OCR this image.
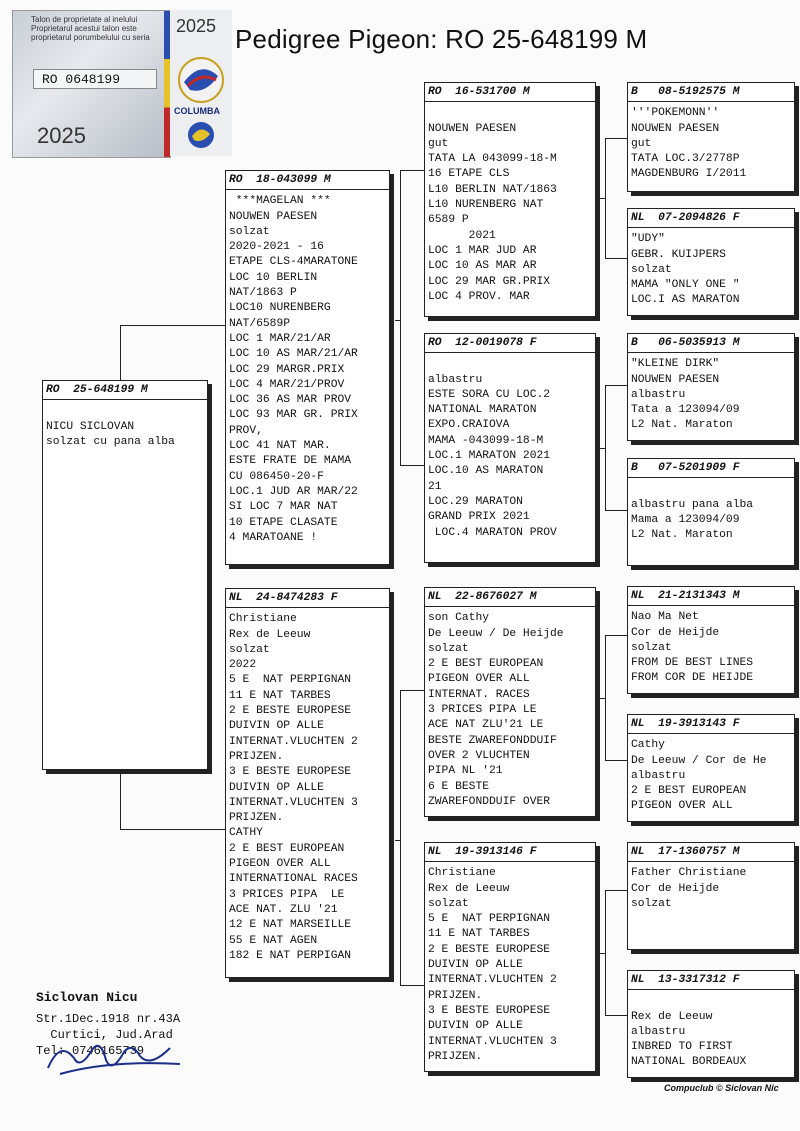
Talon de proprietate al inelului Proprietarul acestui talon este proprietarul porumbelului cu seria
RO 0648199
2025
2025
COLUMBA
Pedigree Pigeon: RO 25-648199 M
RO  25-648199 M

NICU SICLOVAN
solzat cu pana alba
RO  18-043099 M
***MAGELAN ***
NOUWEN PAESEN
solzat
2020-2021 - 16
ETAPE CLS-4MARATONE
LOC 10 BERLIN
NAT/1863 P
LOC10 NURENBERG
NAT/6589P
LOC 1 MAR/21/AR
LOC 10 AS MAR/21/AR
LOC 29 MARGR.PRIX
LOC 4 MAR/21/PROV
LOC 36 AS MAR PROV
LOC 93 MAR GR. PRIX
PROV,
LOC 41 NAT MAR.
ESTE FRATE DE MAMA
CU 086450-20-F
LOC.1 JUD AR MAR/22
SI LOC 7 MAR NAT
10 ETAPE CLASATE
4 MARATOANE !
NL  24-8474283 F
Christiane
Rex de Leeuw
solzat
2022
5 E  NAT PERPIGNAN
11 E NAT TARBES
2 E BESTE EUROPESE
DUIVIN OP ALLE
INTERNAT.VLUCHTEN 2
PRIJZEN.
3 E BESTE EUROPESE
DUIVIN OP ALLE
INTERNAT.VLUCHTEN 3
PRIJZEN.
CATHY
2 E BEST EUROPEAN
PIGEON OVER ALL
INTERNATIONAL RACES
3 PRICES PIPA  LE
ACE NAT. ZLU '21
12 E NAT MARSEILLE
55 E NAT AGEN
182 E NAT PERPIGAN
RO  16-531700 M

NOUWEN PAESEN
gut
TATA LA 043099-18-M
16 ETAPE CLS
L10 BERLIN NAT/1863
L10 NURENBERG NAT
6589 P
2021
LOC 1 MAR JUD AR
LOC 10 AS MAR AR
LOC 29 MAR GR.PRIX
LOC 4 PROV. MAR
RO  12-0019078 F

albastru
ESTE SORA CU LOC.2
NATIONAL MARATON
EXPO.CRAIOVA
MAMA -043099-18-M
LOC.1 MARATON 2021
LOC.10 AS MARATON
21
LOC.29 MARATON
GRAND PRIX 2021
LOC.4 MARATON PROV
NL  22-8676027 M
son Cathy
De Leeuw / De Heijde
solzat
2 E BEST EUROPEAN
PIGEON OVER ALL
INTERNAT. RACES
3 PRICES PIPA LE
ACE NAT ZLU'21 LE
BESTE ZWAREFONDDUIF
OVER 2 VLUCHTEN
PIPA NL '21
6 E BESTE
ZWAREFONDDUIF OVER
NL  19-3913146 F
Christiane
Rex de Leeuw
solzat
5 E  NAT PERPIGNAN
11 E NAT TARBES
2 E BESTE EUROPESE
DUIVIN OP ALLE
INTERNAT.VLUCHTEN 2
PRIJZEN.
3 E BESTE EUROPESE
DUIVIN OP ALLE
INTERNAT.VLUCHTEN 3
PRIJZEN.
B   08-5192575 M
'''POKEMONN''
NOUWEN PAESEN
gut
TATA LOC.3/2778P
MAGDENBURG I/2011
NL  07-2094826 F
"UDY"
GEBR. KUIJPERS
solzat
MAMA "ONLY ONE "
LOC.I AS MARATON
B   06-5035913 M
"KLEINE DIRK"
NOUWEN PAESEN
albastru
Tata a 123094/09
L2 Nat. Maraton
B   07-5201909 F

albastru pana alba
Mama a 123094/09
L2 Nat. Maraton
NL  21-2131343 M
Nao Ma Net
Cor de Heijde
solzat
FROM DE BEST LINES
FROM COR DE HEIJDE
NL  19-3913143 F
Cathy
De Leeuw / Cor de He
albastru
2 E BEST EUROPEAN
PIGEON OVER ALL
NL  17-1360757 M
Father Christiane
Cor de Heijde
solzat
NL  13-3317312 F

Rex de Leeuw
albastru
INBRED TO FIRST
NATIONAL BORDEAUX
Siclovan Nicu
Str.1Dec.1918 nr.43A
Curtici, Jud.Arad
Tel: 0746165739
Compuclub © Siclovan Nic
